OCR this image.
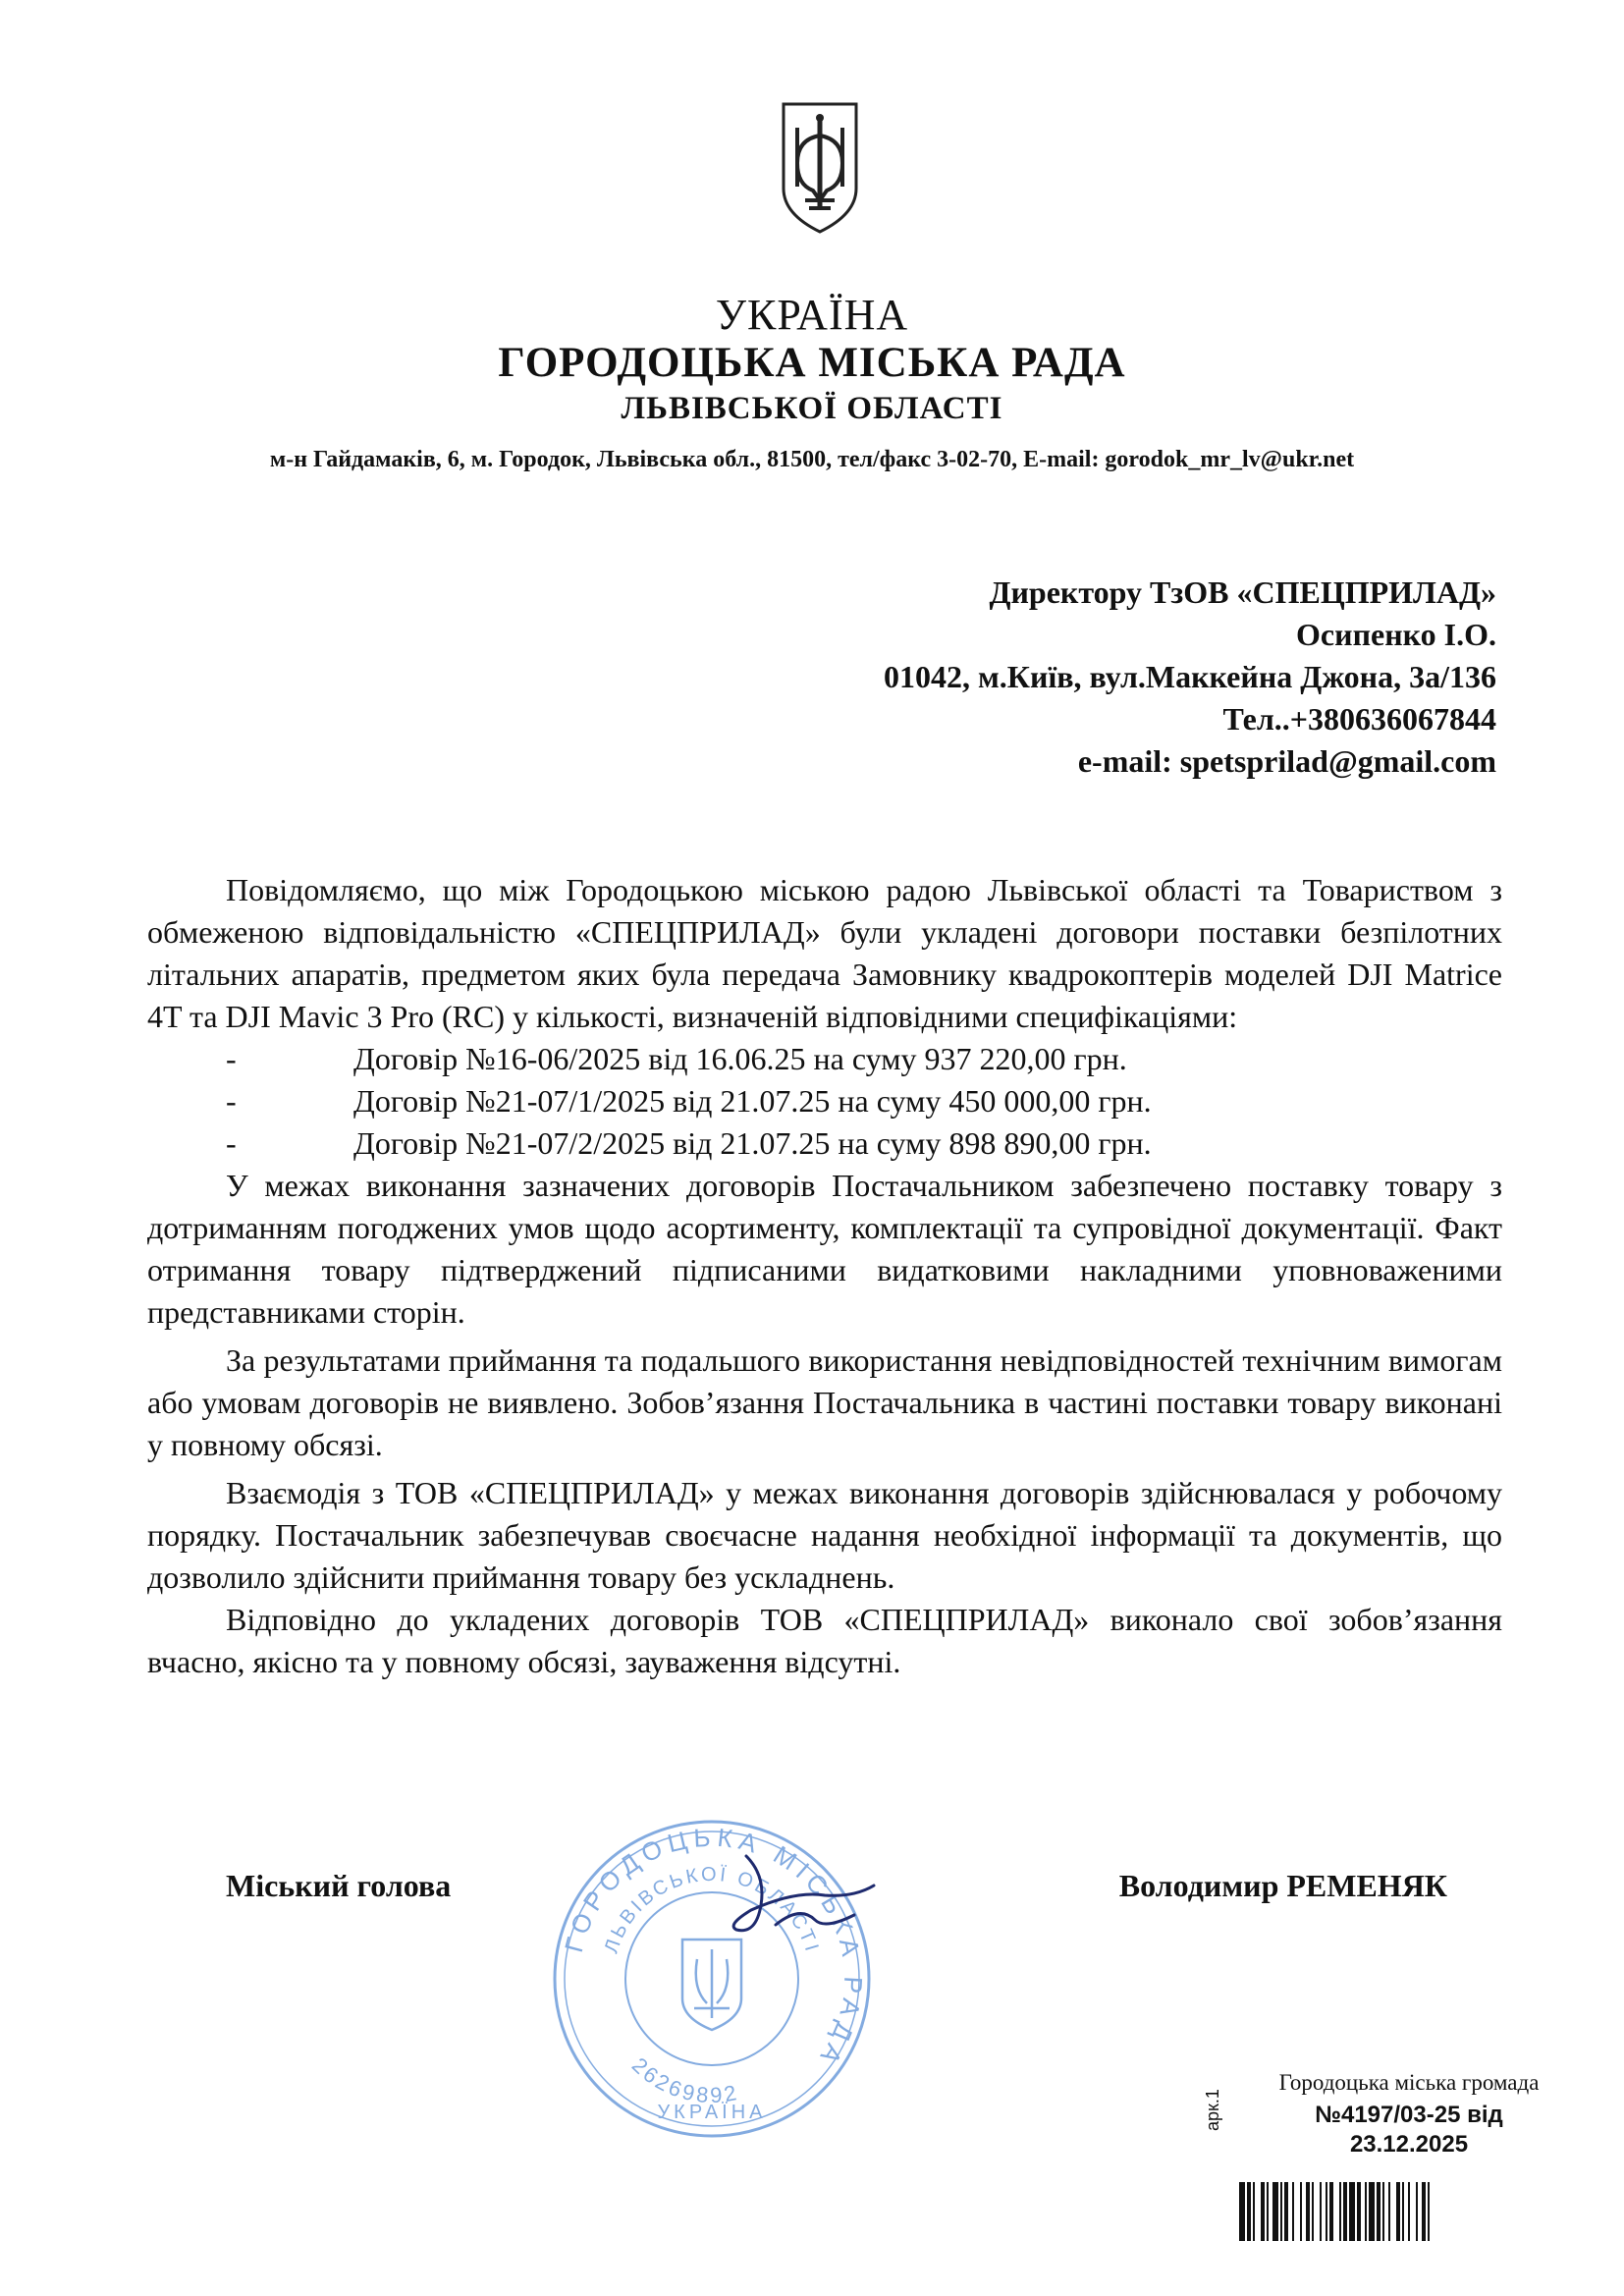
УКРАЇНА
ГОРОДОЦЬКА МІСЬКА РАДА
ЛЬВІВСЬКОЇ ОБЛАСТІ
м-н Гайдамаків, 6, м. Городок, Львівська обл., 81500, тел/факс 3-02-70, E-mail: gorodok_mr_lv@ukr.net
Директору ТзОВ «СПЕЦПРИЛАД»
Осипенко І.О.
01042, м.Київ, вул.Маккейна Джона, 3а/136
Тел..+380636067844
e-mail: spetsprilad@gmail.com

Повідомляємо, що між Городоцькою міською радою Львівської області та Товариством з обмеженою відповідальністю «СПЕЦПРИЛАД» були укладені договори поставки безпілотних літальних апаратів, предметом яких була передача Замовнику квадрокоптерів моделей DJI Matrice 4T та DJI Mavic 3 Pro (RC) у кількості, визначеній відповідними специфікаціями:

-	Договір №16-06/2025 від 16.06.25 на суму 937 220,00 грн.
-	Договір №21-07/1/2025 від 21.07.25 на суму 450 000,00 грн.
-	Договір №21-07/2/2025 від 21.07.25 на суму 898 890,00 грн.

У межах виконання зазначених договорів Постачальником забезпечено поставку товару з дотриманням погоджених умов щодо асортименту, комплектації та супровідної документації. Факт отримання товару підтверджений підписаними видатковими накладними уповноваженими представниками сторін.

За результатами приймання та подальшого використання невідповідностей технічним вимогам або умовам договорів не виявлено. Зобов’язання Постачальника в частині поставки товару виконані у повному обсязі.

Взаємодія з ТОВ «СПЕЦПРИЛАД» у межах виконання договорів здійснювалася у робочому порядку. Постачальник забезпечував своєчасне надання необхідної інформації та документів, що дозволило здійснити приймання товару без ускладнень.

Відповідно до укладених договорів ТОВ «СПЕЦПРИЛАД» виконало свої зобов’язання вчасно, якісно та у повному обсязі, зауваження відсутні.

Міський голова	Володимир РЕМЕНЯК
ГОРОДОЦЬКА МІСЬКА РАДА
ЛЬВІВСЬКОЇ ОБЛАСТІ
26269892
УКРАЇНА	арк.1
Городоцька міська громада
№4197/03-25 від
23.12.2025
